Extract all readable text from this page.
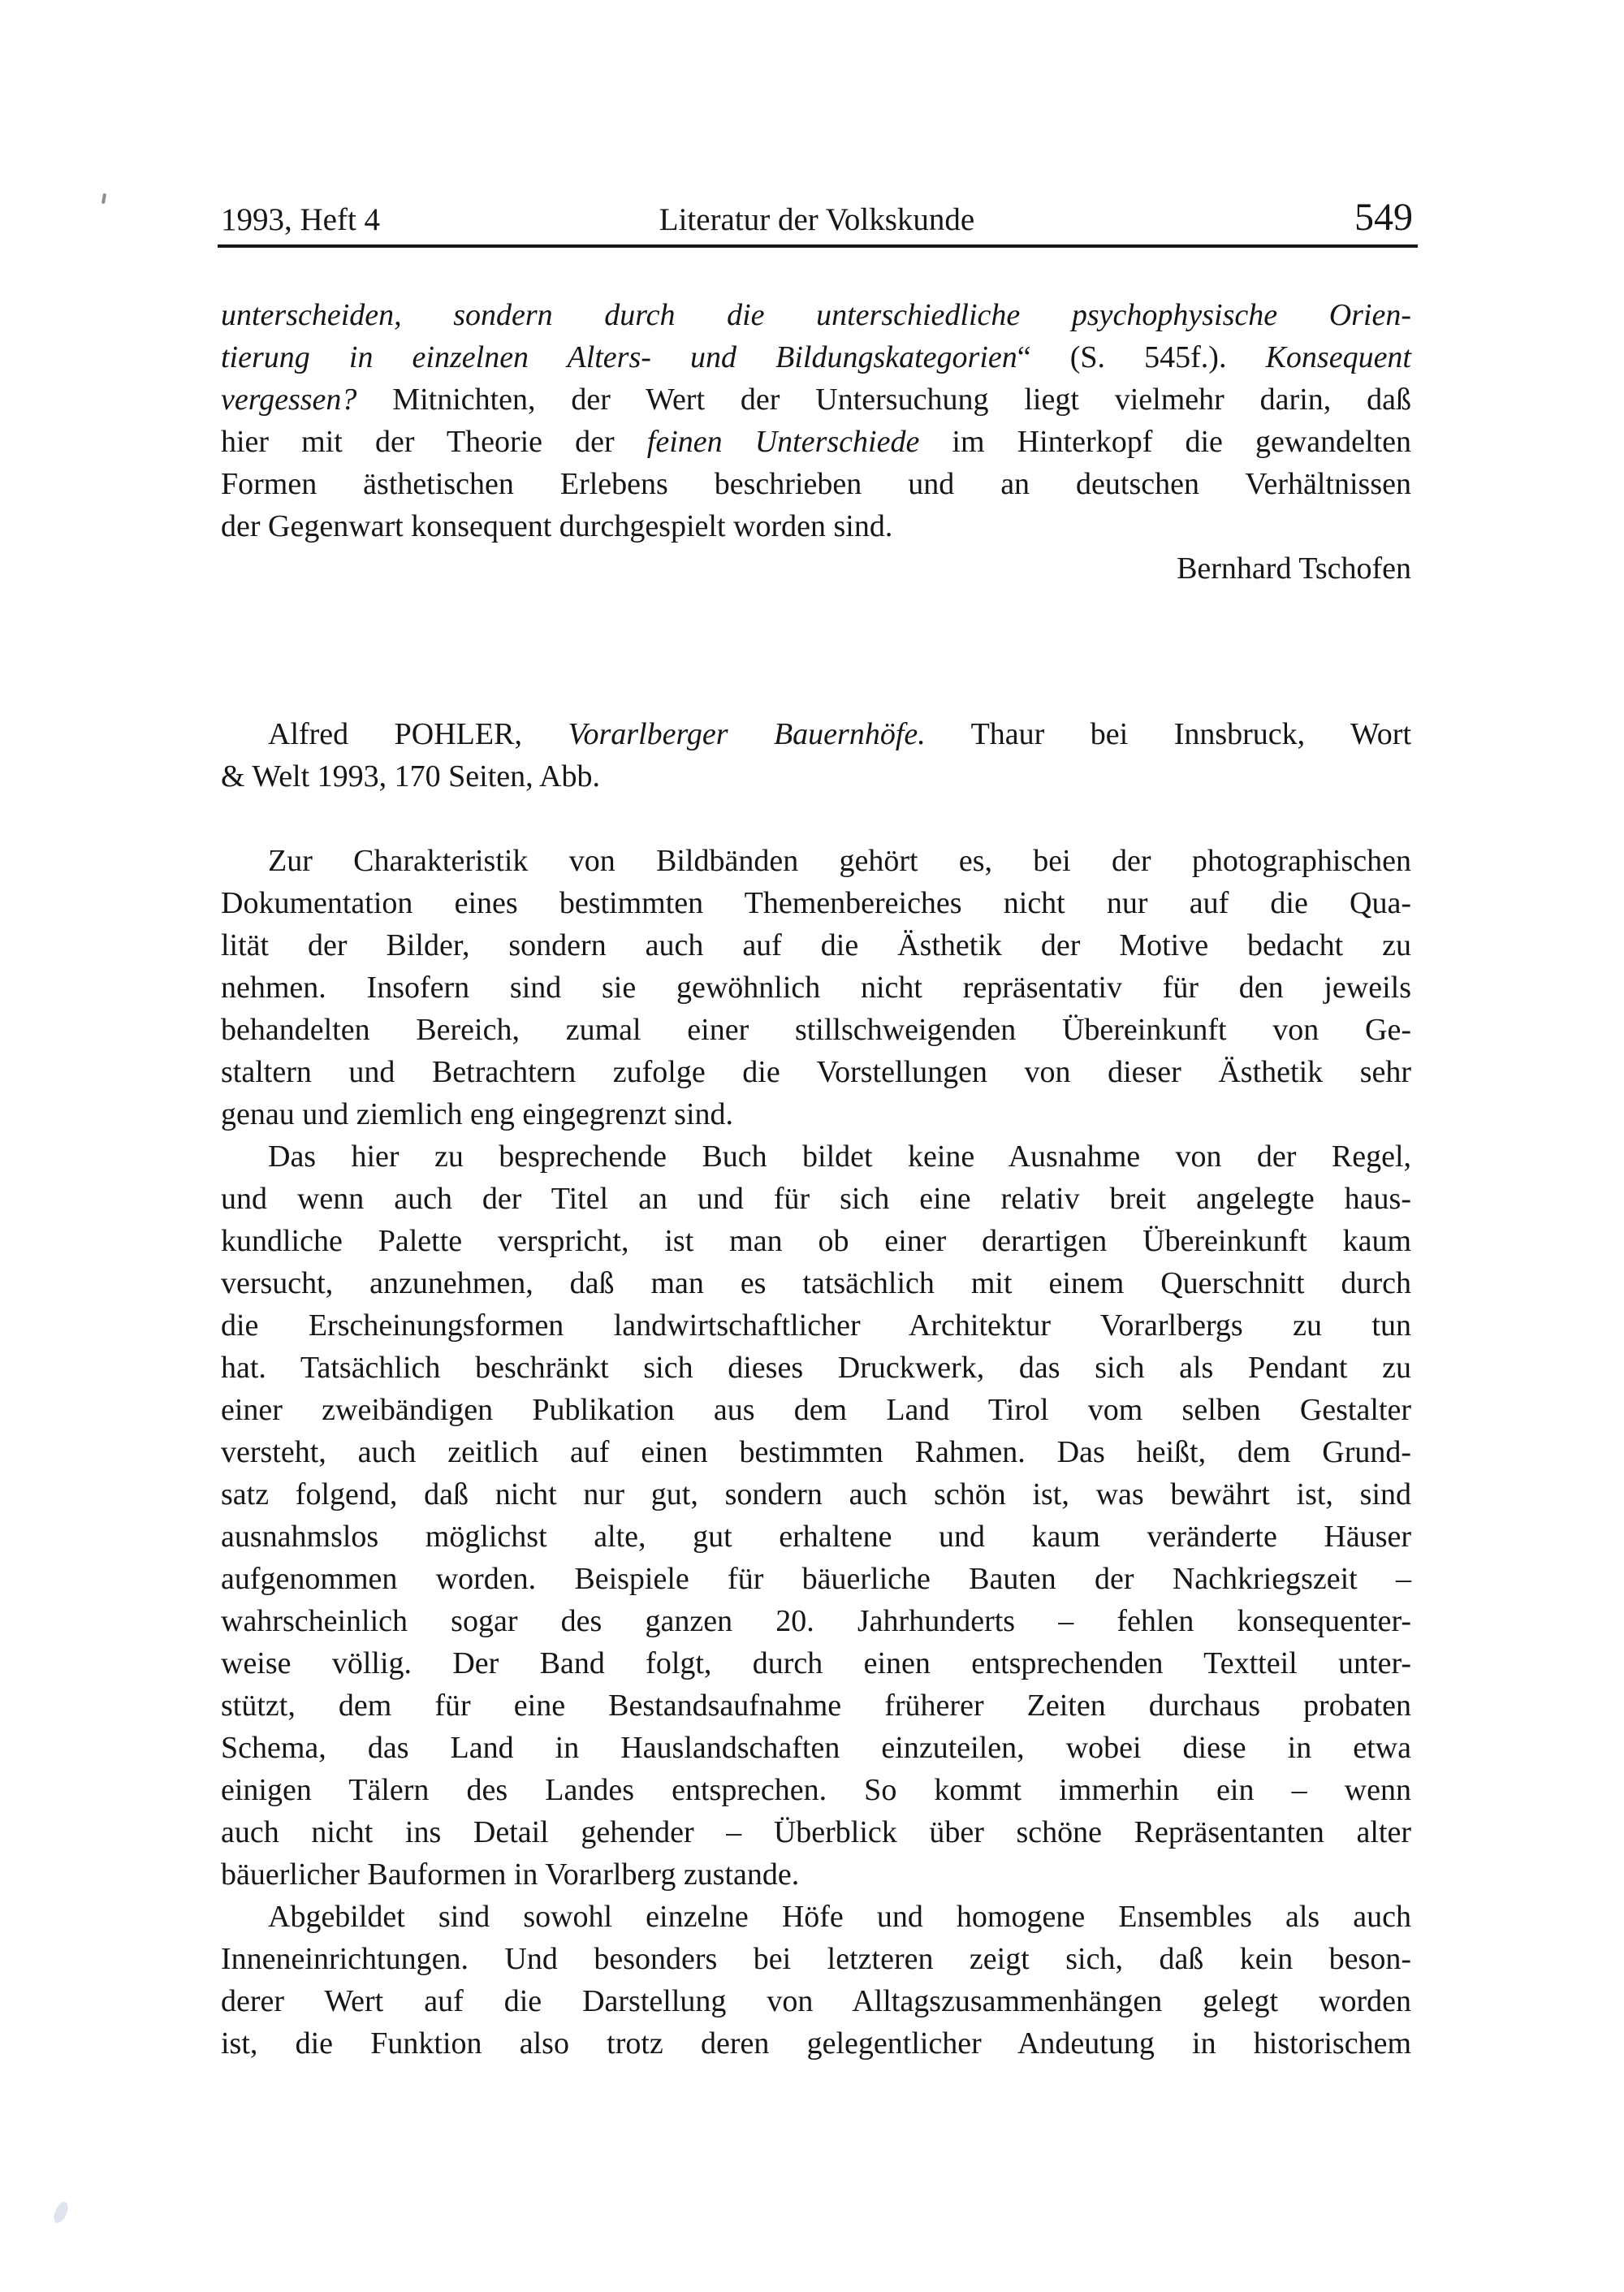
1993, Heft 4	Literatur der Volkskunde	549
unterscheiden, sondern durch die unterschiedliche psychophysische Orien-
tierung in einzelnen Alters- und Bildungskategorien“ (S. 545f.). Konsequent
vergessen? Mitnichten, der Wert der Untersuchung liegt vielmehr darin, daß
hier mit der Theorie der feinen Unterschiede im Hinterkopf die gewandelten
Formen ästhetischen Erlebens beschrieben und an deutschen Verhältnissen
der Gegenwart konsequent durchgespielt worden sind.
Bernhard Tschofen
Alfred POHLER, Vorarlberger Bauernhöfe. Thaur bei Innsbruck, Wort
& Welt 1993, 170 Seiten, Abb.
Zur Charakteristik von Bildbänden gehört es, bei der photographischen
Dokumentation eines bestimmten Themenbereiches nicht nur auf die Qua-
lität der Bilder, sondern auch auf die Ästhetik der Motive bedacht zu
nehmen. Insofern sind sie gewöhnlich nicht repräsentativ für den jeweils
behandelten Bereich, zumal einer stillschweigenden Übereinkunft von Ge-
staltern und Betrachtern zufolge die Vorstellungen von dieser Ästhetik sehr
genau und ziemlich eng eingegrenzt sind.
Das hier zu besprechende Buch bildet keine Ausnahme von der Regel,
und wenn auch der Titel an und für sich eine relativ breit angelegte haus-
kundliche Palette verspricht, ist man ob einer derartigen Übereinkunft kaum
versucht, anzunehmen, daß man es tatsächlich mit einem Querschnitt durch
die Erscheinungsformen landwirtschaftlicher Architektur Vorarlbergs zu tun
hat. Tatsächlich beschränkt sich dieses Druckwerk, das sich als Pendant zu
einer zweibändigen Publikation aus dem Land Tirol vom selben Gestalter
versteht, auch zeitlich auf einen bestimmten Rahmen. Das heißt, dem Grund-
satz folgend, daß nicht nur gut, sondern auch schön ist, was bewährt ist, sind
ausnahmslos möglichst alte, gut erhaltene und kaum veränderte Häuser
aufgenommen worden. Beispiele für bäuerliche Bauten der Nachkriegszeit –
wahrscheinlich sogar des ganzen 20. Jahrhunderts – fehlen konsequenter-
weise völlig. Der Band folgt, durch einen entsprechenden Textteil unter-
stützt, dem für eine Bestandsaufnahme früherer Zeiten durchaus probaten
Schema, das Land in Hauslandschaften einzuteilen, wobei diese in etwa
einigen Tälern des Landes entsprechen. So kommt immerhin ein – wenn
auch nicht ins Detail gehender – Überblick über schöne Repräsentanten alter
bäuerlicher Bauformen in Vorarlberg zustande.
Abgebildet sind sowohl einzelne Höfe und homogene Ensembles als auch
Inneneinrichtungen. Und besonders bei letzteren zeigt sich, daß kein beson-
derer Wert auf die Darstellung von Alltagszusammenhängen gelegt worden
ist, die Funktion also trotz deren gelegentlicher Andeutung in historischem
